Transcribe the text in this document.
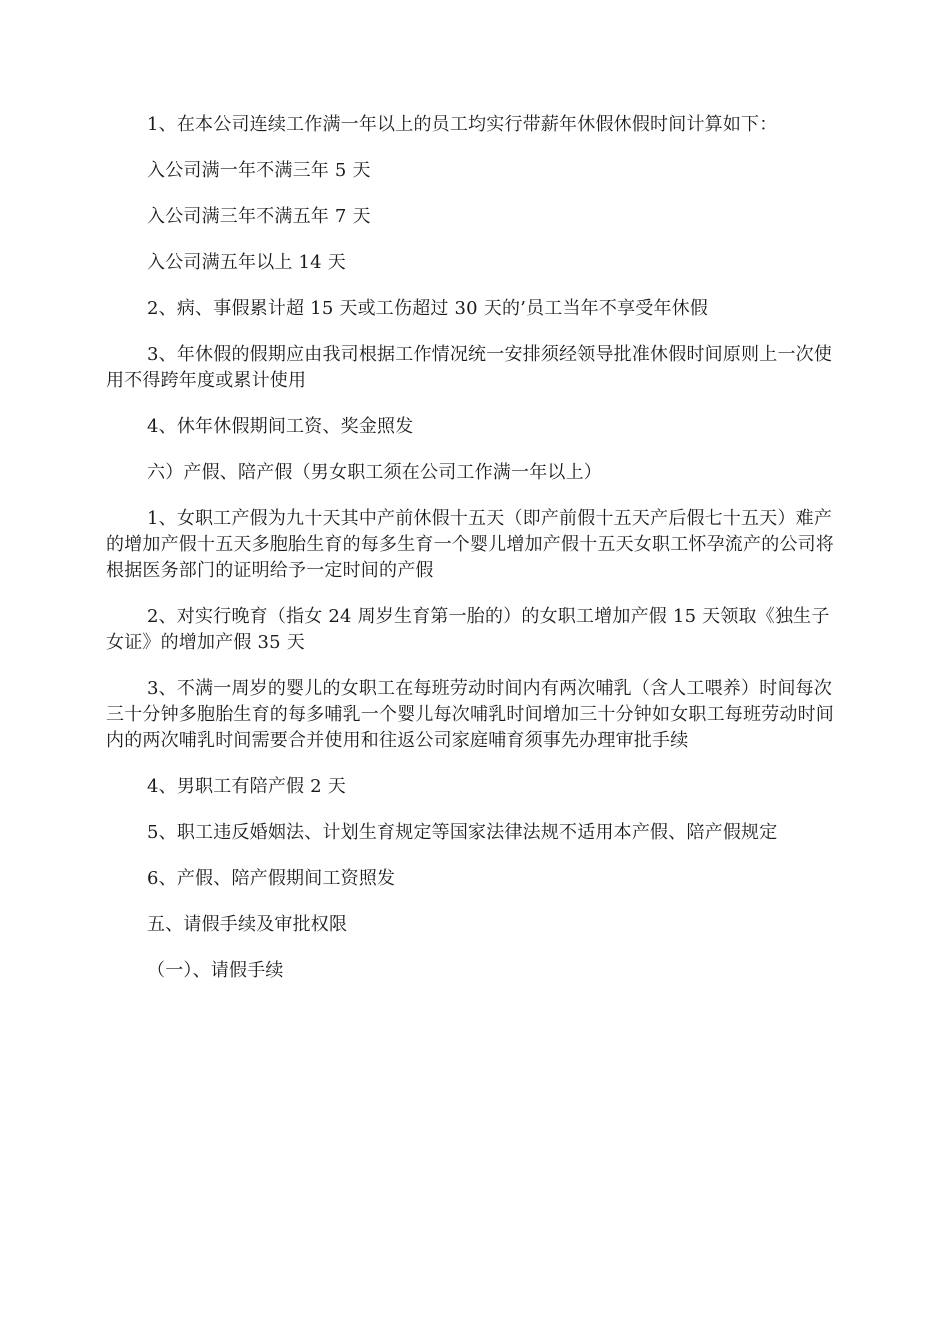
1、在本公司连续工作满一年以上的员工均实行带薪年休假休假时间计算如下：

入公司满一年不满三年 5 天

入公司满三年不满五年 7 天

入公司满五年以上 14 天

2、病、事假累计超 15 天或工伤超过 30 天的’员工当年不享受年休假

3、年休假的假期应由我司根据工作情况统一安排须经领导批准休假时间原则上一次使用不得跨年度或累计使用

4、休年休假期间工资、奖金照发

六）产假、陪产假（男女职工须在公司工作满一年以上）

1、女职工产假为九十天其中产前休假十五天（即产前假十五天产后假七十五天）难产的增加产假十五天多胞胎生育的每多生育一个婴儿增加产假十五天女职工怀孕流产的公司将根据医务部门的证明给予一定时间的产假

2、对实行晚育（指女 24 周岁生育第一胎的）的女职工增加产假 15 天领取《独生子女证》的增加产假 35 天

3、不满一周岁的婴儿的女职工在每班劳动时间内有两次哺乳（含人工喂养）时间每次三十分钟多胞胎生育的每多哺乳一个婴儿每次哺乳时间增加三十分钟如女职工每班劳动时间内的两次哺乳时间需要合并使用和往返公司家庭哺育须事先办理审批手续

4、男职工有陪产假 2 天

5、职工违反婚姻法、计划生育规定等国家法律法规不适用本产假、陪产假规定

6、产假、陪产假期间工资照发

五、请假手续及审批权限

（一）、请假手续
